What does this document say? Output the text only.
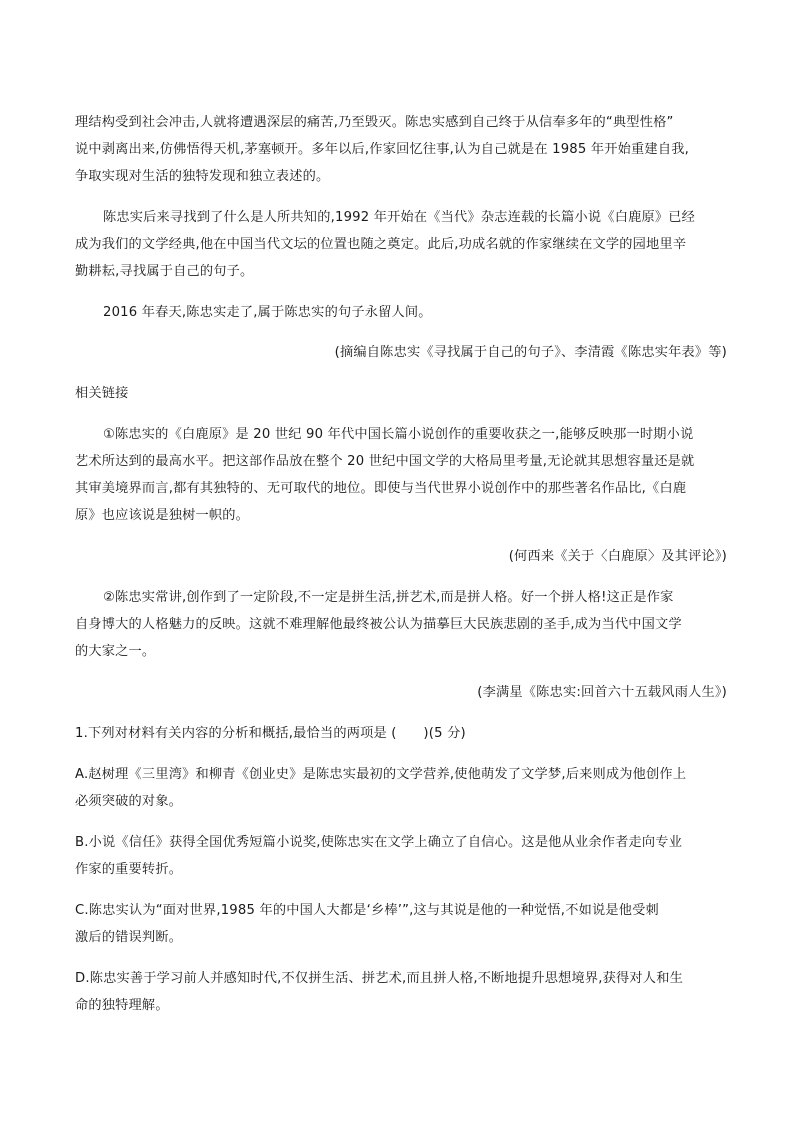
理结构受到社会冲击,人就将遭遇深层的痛苦,乃至毁灭。陈忠实感到自己终于从信奉多年的“典型性格”
说中剥离出来,仿佛悟得天机,茅塞顿开。多年以后,作家回忆往事,认为自己就是在 1985 年开始重建自我,
争取实现对生活的独特发现和独立表述的。
陈忠实后来寻找到了什么是人所共知的,1992 年开始在《当代》杂志连载的长篇小说《白鹿原》已经
成为我们的文学经典,他在中国当代文坛的位置也随之奠定。此后,功成名就的作家继续在文学的园地里辛
勤耕耘,寻找属于自己的句子。
2016 年春天,陈忠实走了,属于陈忠实的句子永留人间。
(摘编自陈忠实《寻找属于自己的句子》、李清霞《陈忠实年表》等)
相关链接
①陈忠实的《白鹿原》是 20 世纪 90 年代中国长篇小说创作的重要收获之一,能够反映那一时期小说
艺术所达到的最高水平。把这部作品放在整个 20 世纪中国文学的大格局里考量,无论就其思想容量还是就
其审美境界而言,都有其独特的、无可取代的地位。即使与当代世界小说创作中的那些著名作品比,《白鹿
原》也应该说是独树一帜的。
(何西来《关于〈白鹿原〉及其评论》)
②陈忠实常讲,创作到了一定阶段,不一定是拼生活,拼艺术,而是拼人格。好一个拼人格!这正是作家
自身博大的人格魅力的反映。这就不难理解他最终被公认为描摹巨大民族悲剧的圣手,成为当代中国文学
的大家之一。
(李满星《陈忠实:回首六十五载风雨人生》)
1.下列对材料有关内容的分析和概括,最恰当的两项是 (　　)(5 分)
A.赵树理《三里湾》和柳青《创业史》是陈忠实最初的文学营养,使他萌发了文学梦,后来则成为他创作上
必须突破的对象。
B.小说《信任》获得全国优秀短篇小说奖,使陈忠实在文学上确立了自信心。这是他从业余作者走向专业
作家的重要转折。
C.陈忠实认为“面对世界,1985 年的中国人大都是‘乡棒’”,这与其说是他的一种觉悟,不如说是他受刺
激后的错误判断。
D.陈忠实善于学习前人并感知时代,不仅拼生活、拼艺术,而且拼人格,不断地提升思想境界,获得对人和生
命的独特理解。
